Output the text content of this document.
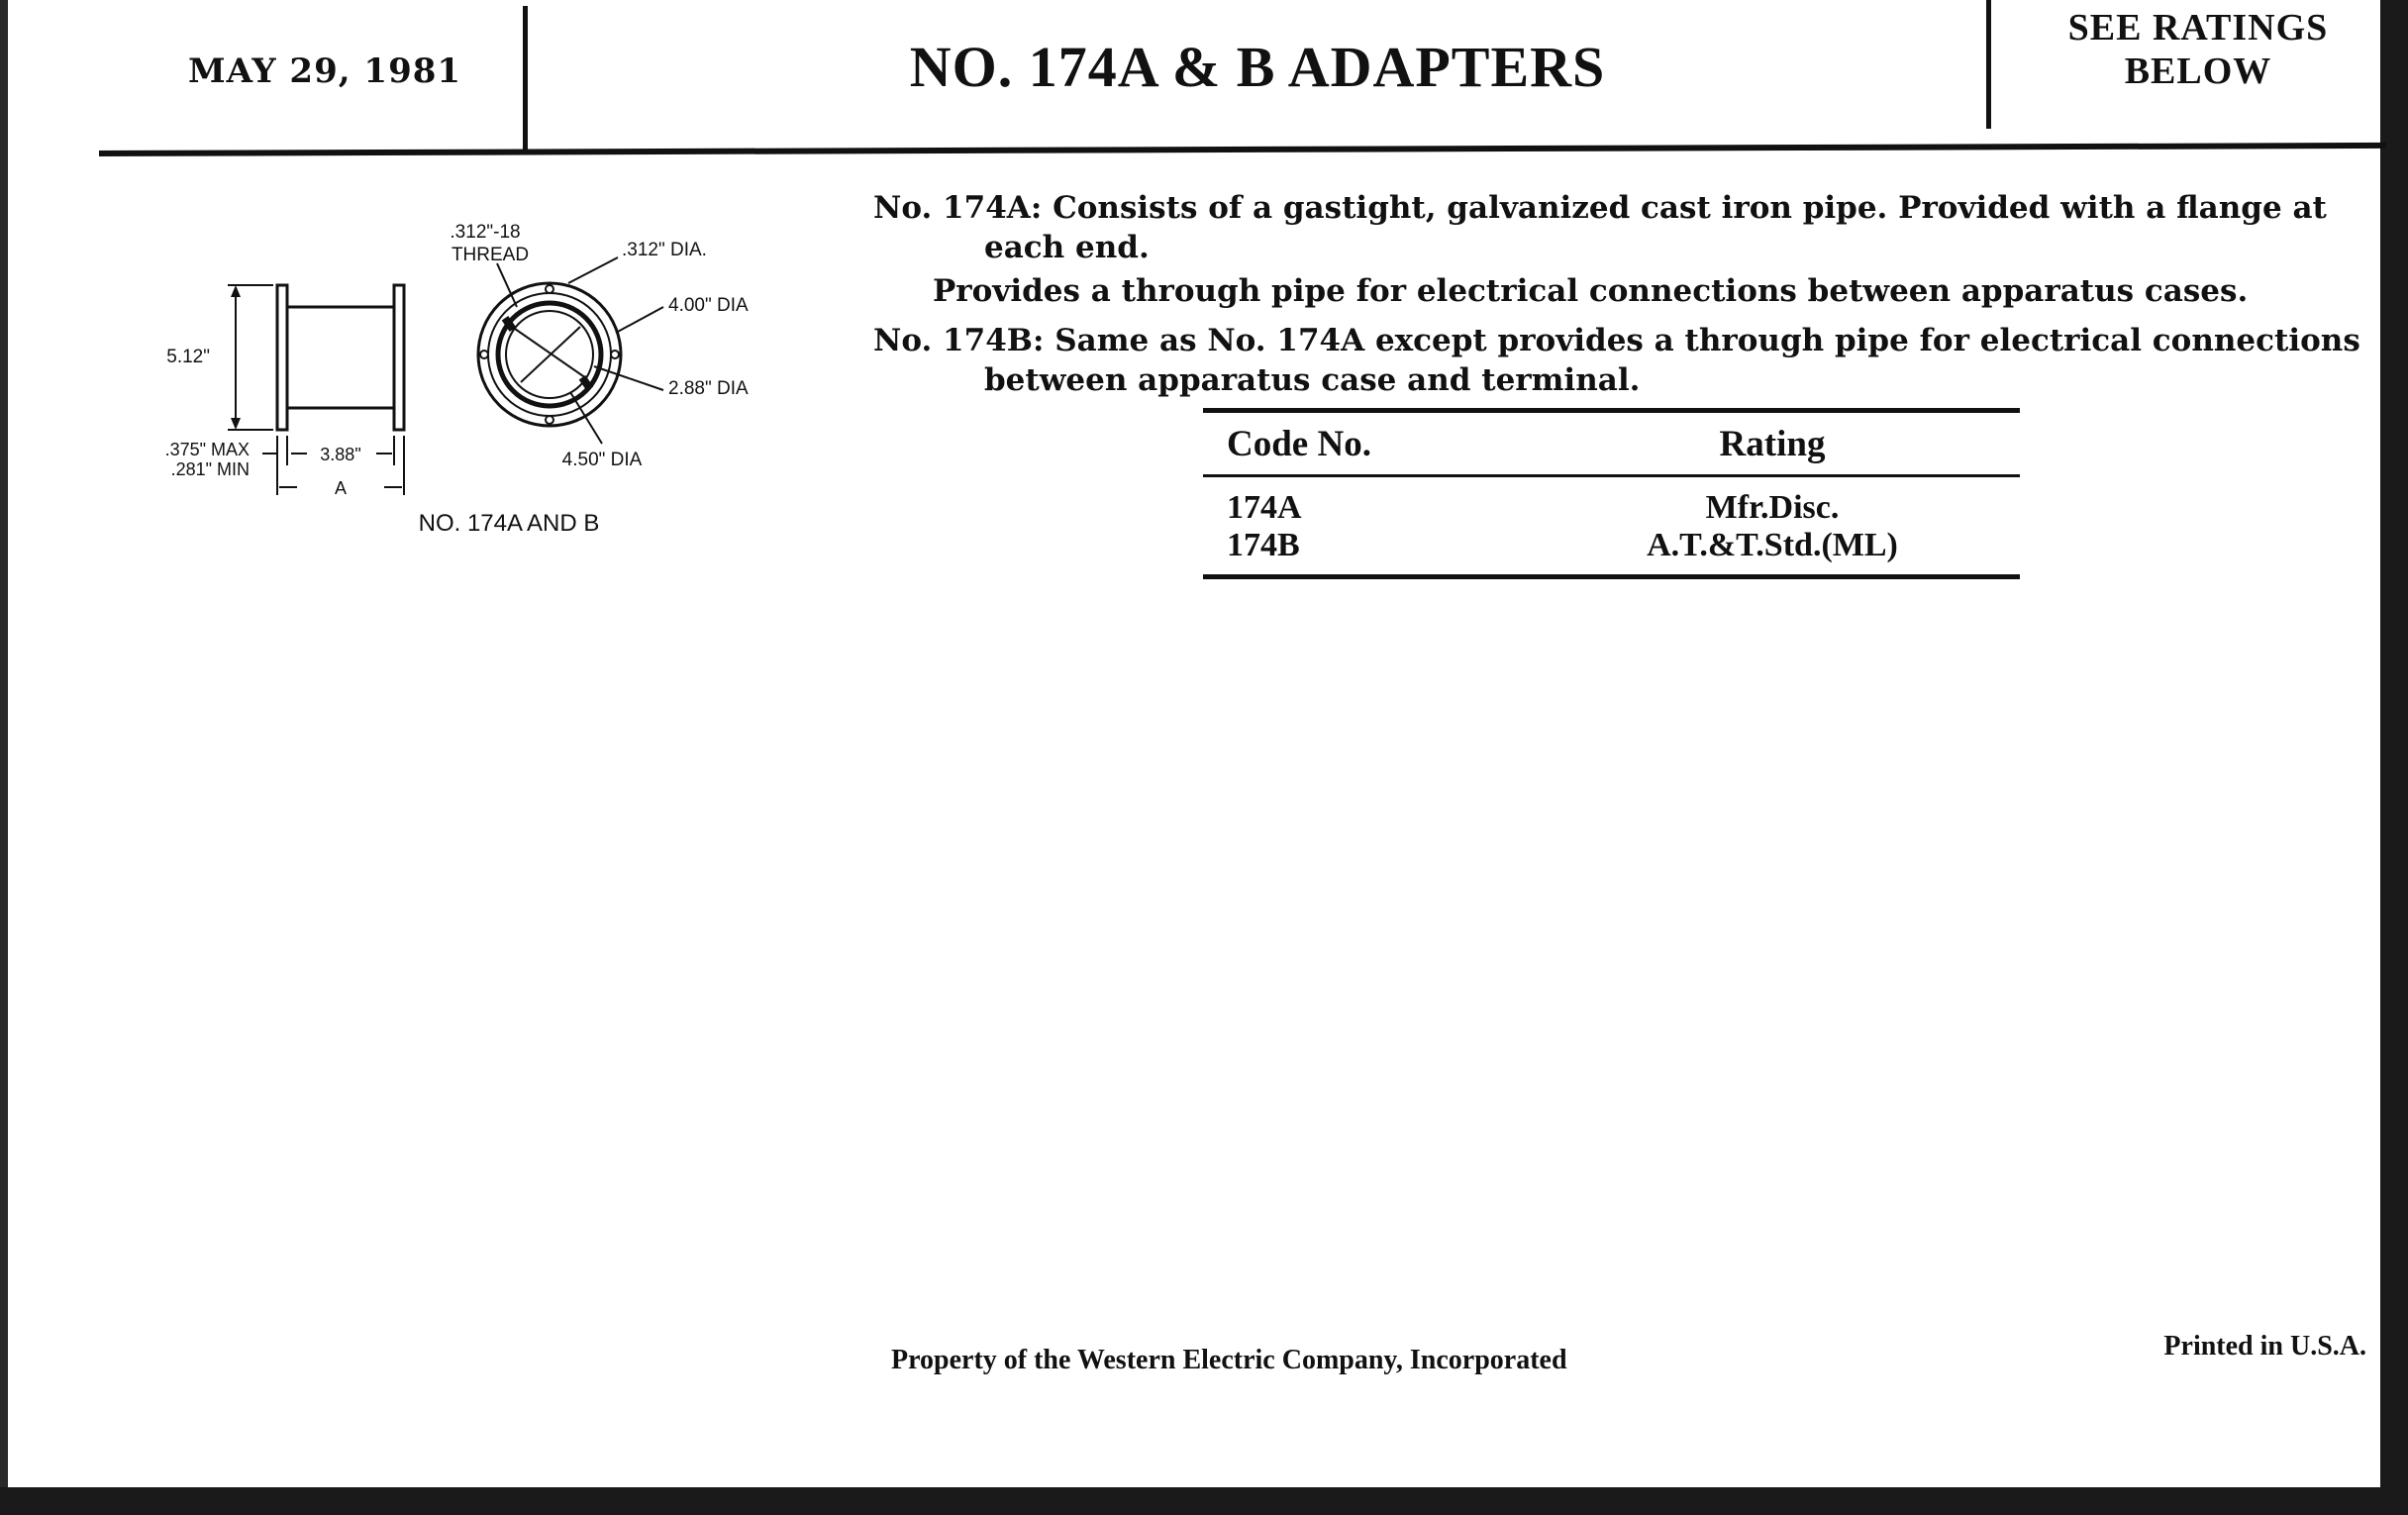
MAY 29, 1981	NO. 174A & B ADAPTERS
SEE RATINGS
BELOW
5.12"
.375" MAX
.281" MIN
3.88"
A
.312"-18
THREAD	.312" DIA.
4.00" DIA
2.88" DIA
4.50" DIA
NO. 174A AND B

No. 174A: Consists of a gastight, galvanized cast iron pipe. Provided with a flange at each end.

Provides a through pipe for electrical connections between apparatus cases.

No. 174B: Same as No. 174A except provides a through pipe for electrical connections between apparatus case and terminal.

Code No.	Rating
174A	Mfr.Disc.
174B	A.T.&T.Std.(ML)
Property of the Western Electric Company, Incorporated	Printed in U.S.A.
